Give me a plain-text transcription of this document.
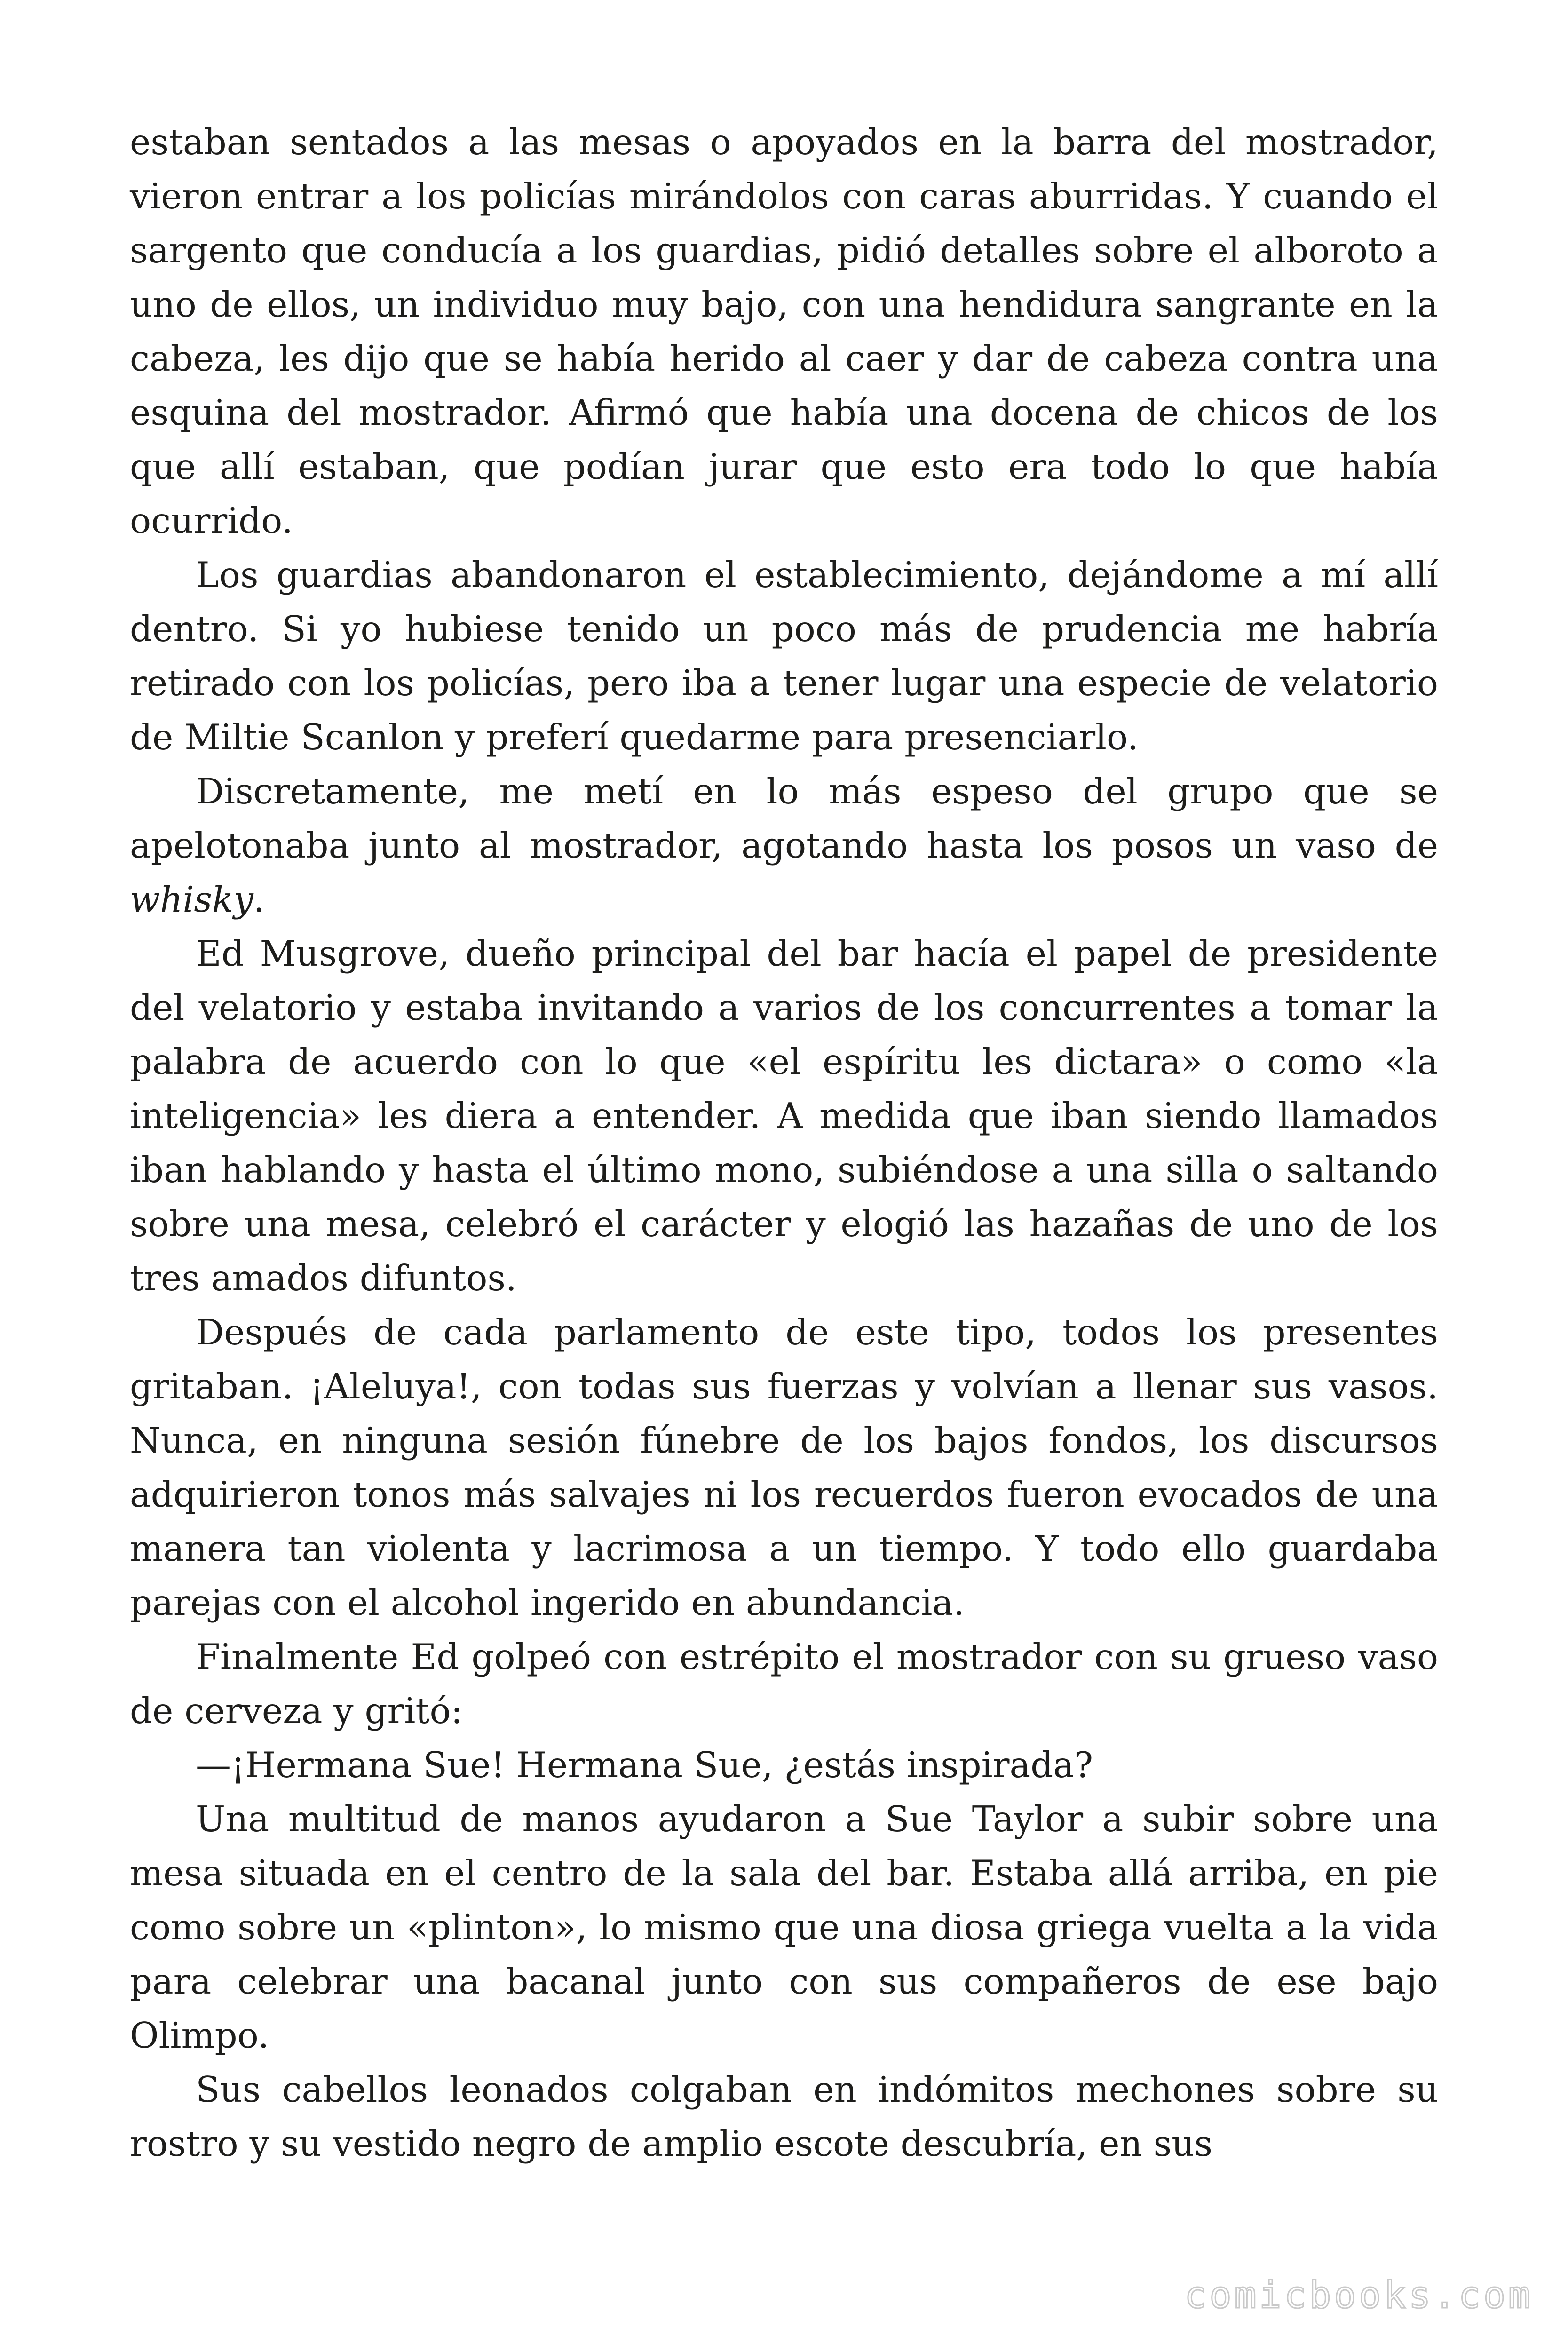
estaban sentados a las mesas o apoyados en la barra del mostrador, vieron entrar a los policías mirándolos con caras aburridas. Y cuando el sargento que conducía a los guardias, pidió detalles sobre el alboroto a uno de ellos, un individuo muy bajo, con una hendidura sangrante en la cabeza, les dijo que se había herido al caer y dar de cabeza contra una esquina del mostrador. Afirmó que había una docena de chicos de los que allí estaban, que podían jurar que esto era todo lo que había ocurrido.

Los guardias abandonaron el establecimiento, dejándome a mí allí dentro. Si yo hubiese tenido un poco más de prudencia me habría retirado con los policías, pero iba a tener lugar una especie de velatorio de Miltie Scanlon y preferí quedarme para presenciarlo.

Discretamente, me metí en lo más espeso del grupo que se apelotonaba junto al mostrador, agotando hasta los posos un vaso de whisky.

Ed Musgrove, dueño principal del bar hacía el papel de presidente del velatorio y estaba invitando a varios de los concurrentes a tomar la palabra de acuerdo con lo que «el espíritu les dictara» o como «la inteligencia» les diera a entender. A medida que iban siendo llamados iban hablando y hasta el último mono, subiéndose a una silla o saltando sobre una mesa, celebró el carácter y elogió las hazañas de uno de los tres amados difuntos.

Después de cada parlamento de este tipo, todos los presentes gritaban. ¡Aleluya!, con todas sus fuerzas y volvían a llenar sus vasos. Nunca, en ninguna sesión fúnebre de los bajos fondos, los discursos adquirieron tonos más salvajes ni los recuerdos fueron evocados de una manera tan violenta y lacrimosa a un tiempo. Y todo ello guardaba parejas con el alcohol ingerido en abundancia.

Finalmente Ed golpeó con estrépito el mostrador con su grueso vaso de cerveza y gritó:

—¡Hermana Sue! Hermana Sue, ¿estás inspirada?

Una multitud de manos ayudaron a Sue Taylor a subir sobre una mesa situada en el centro de la sala del bar. Estaba allá arriba, en pie como sobre un «plinton», lo mismo que una diosa griega vuelta a la vida para celebrar una bacanal junto con sus compañeros de ese bajo Olimpo.

Sus cabellos leonados colgaban en indómitos mechones sobre su rostro y su vestido negro de amplio escote descubría, en sus

comicbooks.com
